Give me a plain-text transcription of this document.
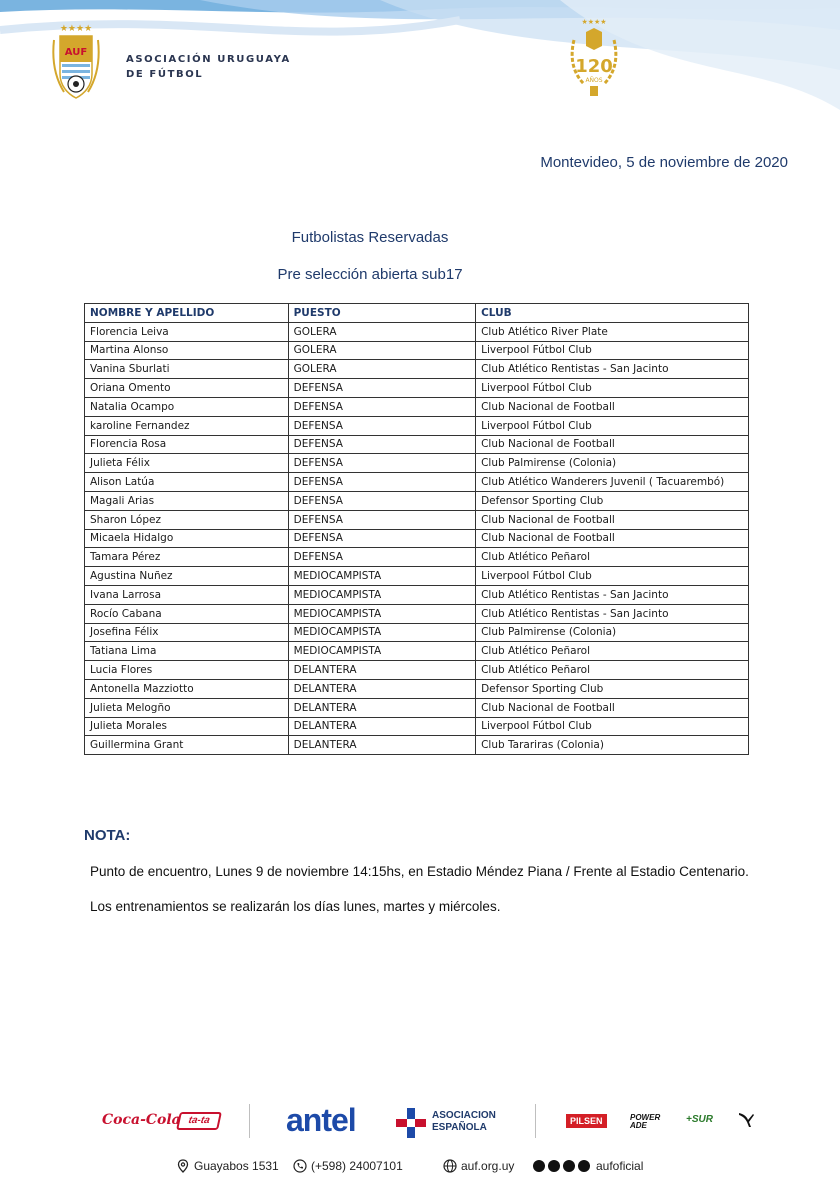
★★★★
AUF
ASOCIACIÓN URUGUAYA
DE FÚTBOL
★★★★
120
AÑOS
Montevideo, 5 de noviembre de 2020
Futbolistas Reservadas
Pre selección abierta sub17
NOMBRE Y APELLIDO	PUESTO	CLUB
Florencia Leiva	GOLERA	Club Atlético River Plate
Martina Alonso	GOLERA	Liverpool Fútbol Club
Vanina Sburlati	GOLERA	Club Atlético Rentistas - San Jacinto
Oriana Omento	DEFENSA	Liverpool Fútbol Club
Natalia Ocampo	DEFENSA	Club Nacional de Football
karoline Fernandez	DEFENSA	Liverpool Fútbol Club
Florencia Rosa	DEFENSA	Club Nacional de Football
Julieta Félix	DEFENSA	Club Palmirense (Colonia)
Alison Latúa	DEFENSA	Club Atlético Wanderers Juvenil ( Tacuarembó)
Magali Arias	DEFENSA	Defensor Sporting Club
Sharon López	DEFENSA	Club Nacional de Football
Micaela Hidalgo	DEFENSA	Club Nacional de Football
Tamara Pérez	DEFENSA	Club Atlético Peñarol
Agustina Nuñez	MEDIOCAMPISTA	Liverpool Fútbol Club
Ivana Larrosa	MEDIOCAMPISTA	Club Atlético Rentistas - San Jacinto
Rocío Cabana	MEDIOCAMPISTA	Club Atlético Rentistas - San Jacinto
Josefina Félix	MEDIOCAMPISTA	Club Palmirense (Colonia)
Tatiana Lima	MEDIOCAMPISTA	Club Atlético Peñarol
Lucia Flores	DELANTERA	Club Atlético Peñarol
Antonella Mazziotto	DELANTERA	Defensor Sporting Club
Julieta Melogño	DELANTERA	Club Nacional de Football
Julieta Morales	DELANTERA	Liverpool Fútbol Club
Guillermina Grant	DELANTERA	Club Tarariras (Colonia)
NOTA:
Punto de encuentro, Lunes 9 de noviembre 14:15hs, en Estadio Méndez Piana / Frente al Estadio Centenario.
Los entrenamientos se realizarán los días lunes, martes y miércoles.
Coca-Cola ta-ta	antel	ASOCIACION
ESPAÑOLA
PILSEN	POWER
ADE
+SUR
Guayabos 1531	(+598) 24007101	auf.org.uy	aufoficial
